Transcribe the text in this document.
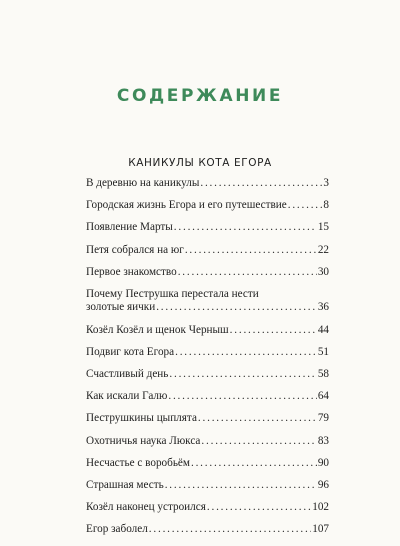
СОДЕРЖАНИЕ
КАНИКУЛЫ КОТА ЕГОРА
В деревню на каникулы . . .	3
Городская жизнь Егора и его путешествие . . .	8
Появление Марты . . .	15
Петя собрался на юг . . .	22
Первое знакомство . . .	30
Почему Пеструшка перестала нести
золотые яички . . .	36
Козёл Козёл и щенок Черныш . . .	44
Подвиг кота Егора . . .	51
Счастливый день . . .	58
Как искали Галю . . .	64
Пеструшкины цыплята . . .	79
Охотничья наука Люкса . . .	83
Несчастье с воробьём . . .	90
Страшная месть . . .	96
Козёл наконец устроился . . .	102
Егор заболел . . .	107
